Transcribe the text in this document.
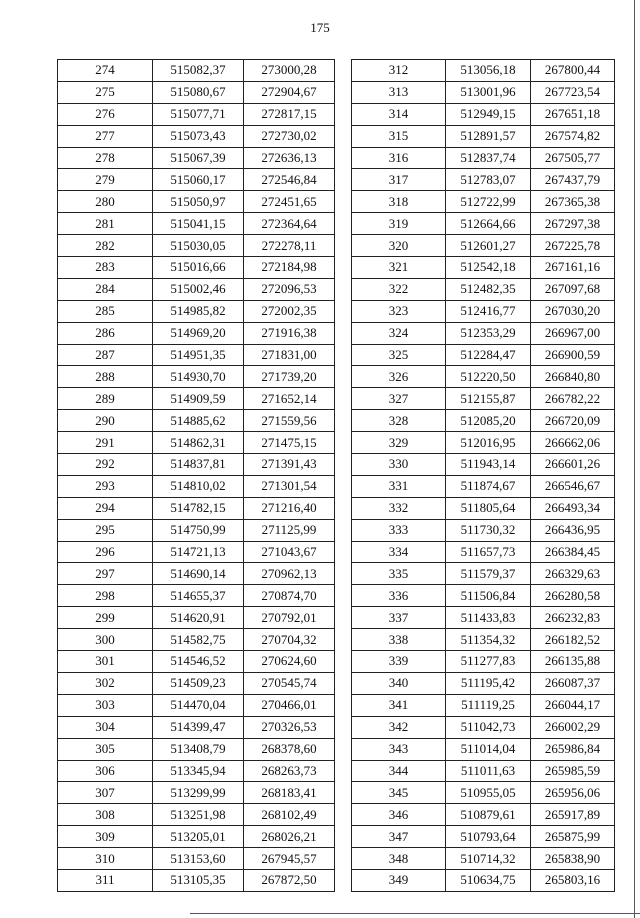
175
274	515082,37	273000,28
275	515080,67	272904,67
276	515077,71	272817,15
277	515073,43	272730,02
278	515067,39	272636,13
279	515060,17	272546,84
280	515050,97	272451,65
281	515041,15	272364,64
282	515030,05	272278,11
283	515016,66	272184,98
284	515002,46	272096,53
285	514985,82	272002,35
286	514969,20	271916,38
287	514951,35	271831,00
288	514930,70	271739,20
289	514909,59	271652,14
290	514885,62	271559,56
291	514862,31	271475,15
292	514837,81	271391,43
293	514810,02	271301,54
294	514782,15	271216,40
295	514750,99	271125,99
296	514721,13	271043,67
297	514690,14	270962,13
298	514655,37	270874,70
299	514620,91	270792,01
300	514582,75	270704,32
301	514546,52	270624,60
302	514509,23	270545,74
303	514470,04	270466,01
304	514399,47	270326,53
305	513408,79	268378,60
306	513345,94	268263,73
307	513299,99	268183,41
308	513251,98	268102,49
309	513205,01	268026,21
310	513153,60	267945,57
311	513105,35	267872,50
312	513056,18	267800,44
313	513001,96	267723,54
314	512949,15	267651,18
315	512891,57	267574,82
316	512837,74	267505,77
317	512783,07	267437,79
318	512722,99	267365,38
319	512664,66	267297,38
320	512601,27	267225,78
321	512542,18	267161,16
322	512482,35	267097,68
323	512416,77	267030,20
324	512353,29	266967,00
325	512284,47	266900,59
326	512220,50	266840,80
327	512155,87	266782,22
328	512085,20	266720,09
329	512016,95	266662,06
330	511943,14	266601,26
331	511874,67	266546,67
332	511805,64	266493,34
333	511730,32	266436,95
334	511657,73	266384,45
335	511579,37	266329,63
336	511506,84	266280,58
337	511433,83	266232,83
338	511354,32	266182,52
339	511277,83	266135,88
340	511195,42	266087,37
341	511119,25	266044,17
342	511042,73	266002,29
343	511014,04	265986,84
344	511011,63	265985,59
345	510955,05	265956,06
346	510879,61	265917,89
347	510793,64	265875,99
348	510714,32	265838,90
349	510634,75	265803,16
